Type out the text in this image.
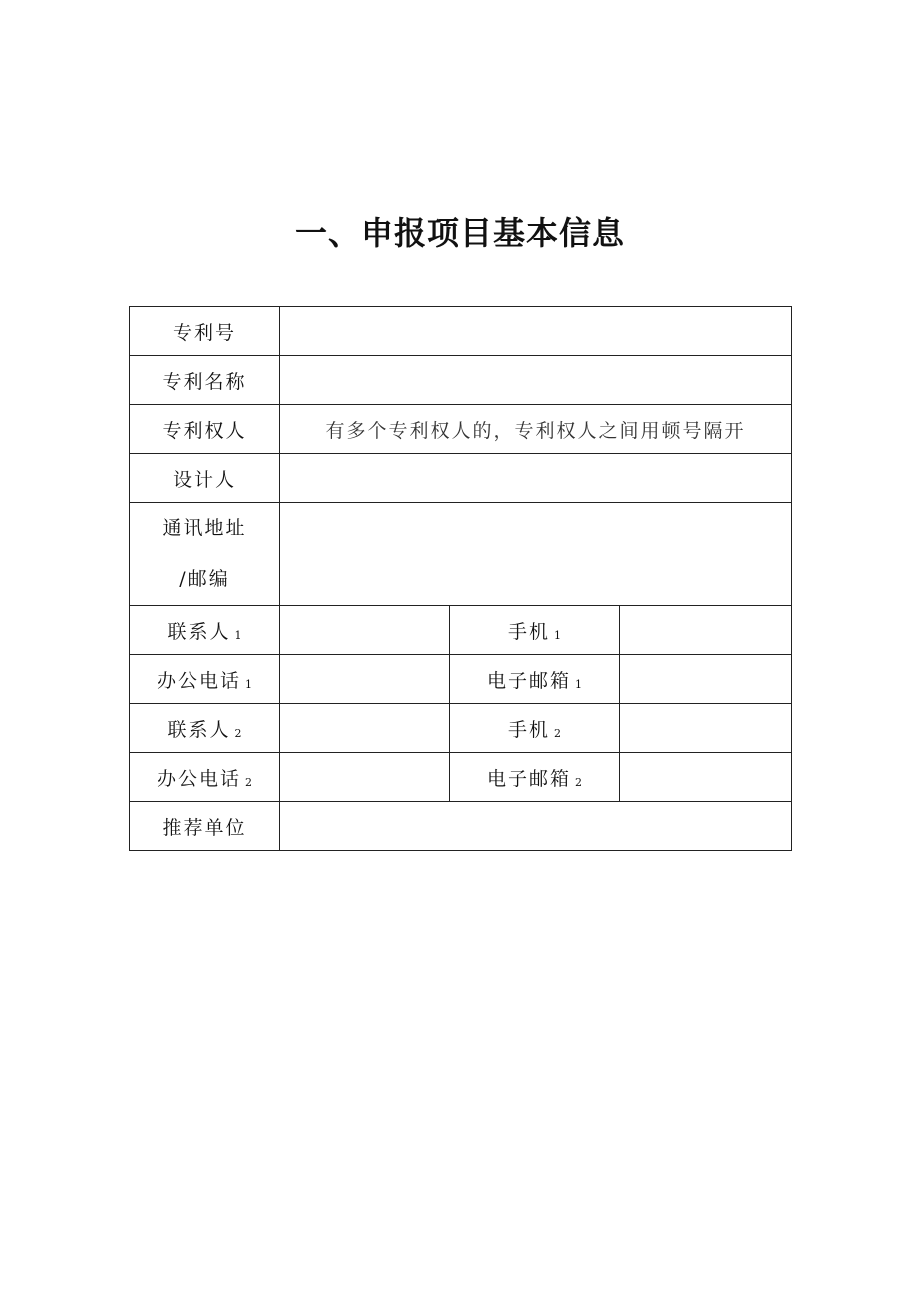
一、申报项目基本信息
专利号			
专利名称			
专利权人	有多个专利权人的，专利权人之间用顿号隔开		
设计人			

通讯地址
/邮编			

联系人 1		手机 1	
办公电话 1		电子邮箱 1	
联系人 2		手机 2	
办公电话 2		电子邮箱 2	
推荐单位			
